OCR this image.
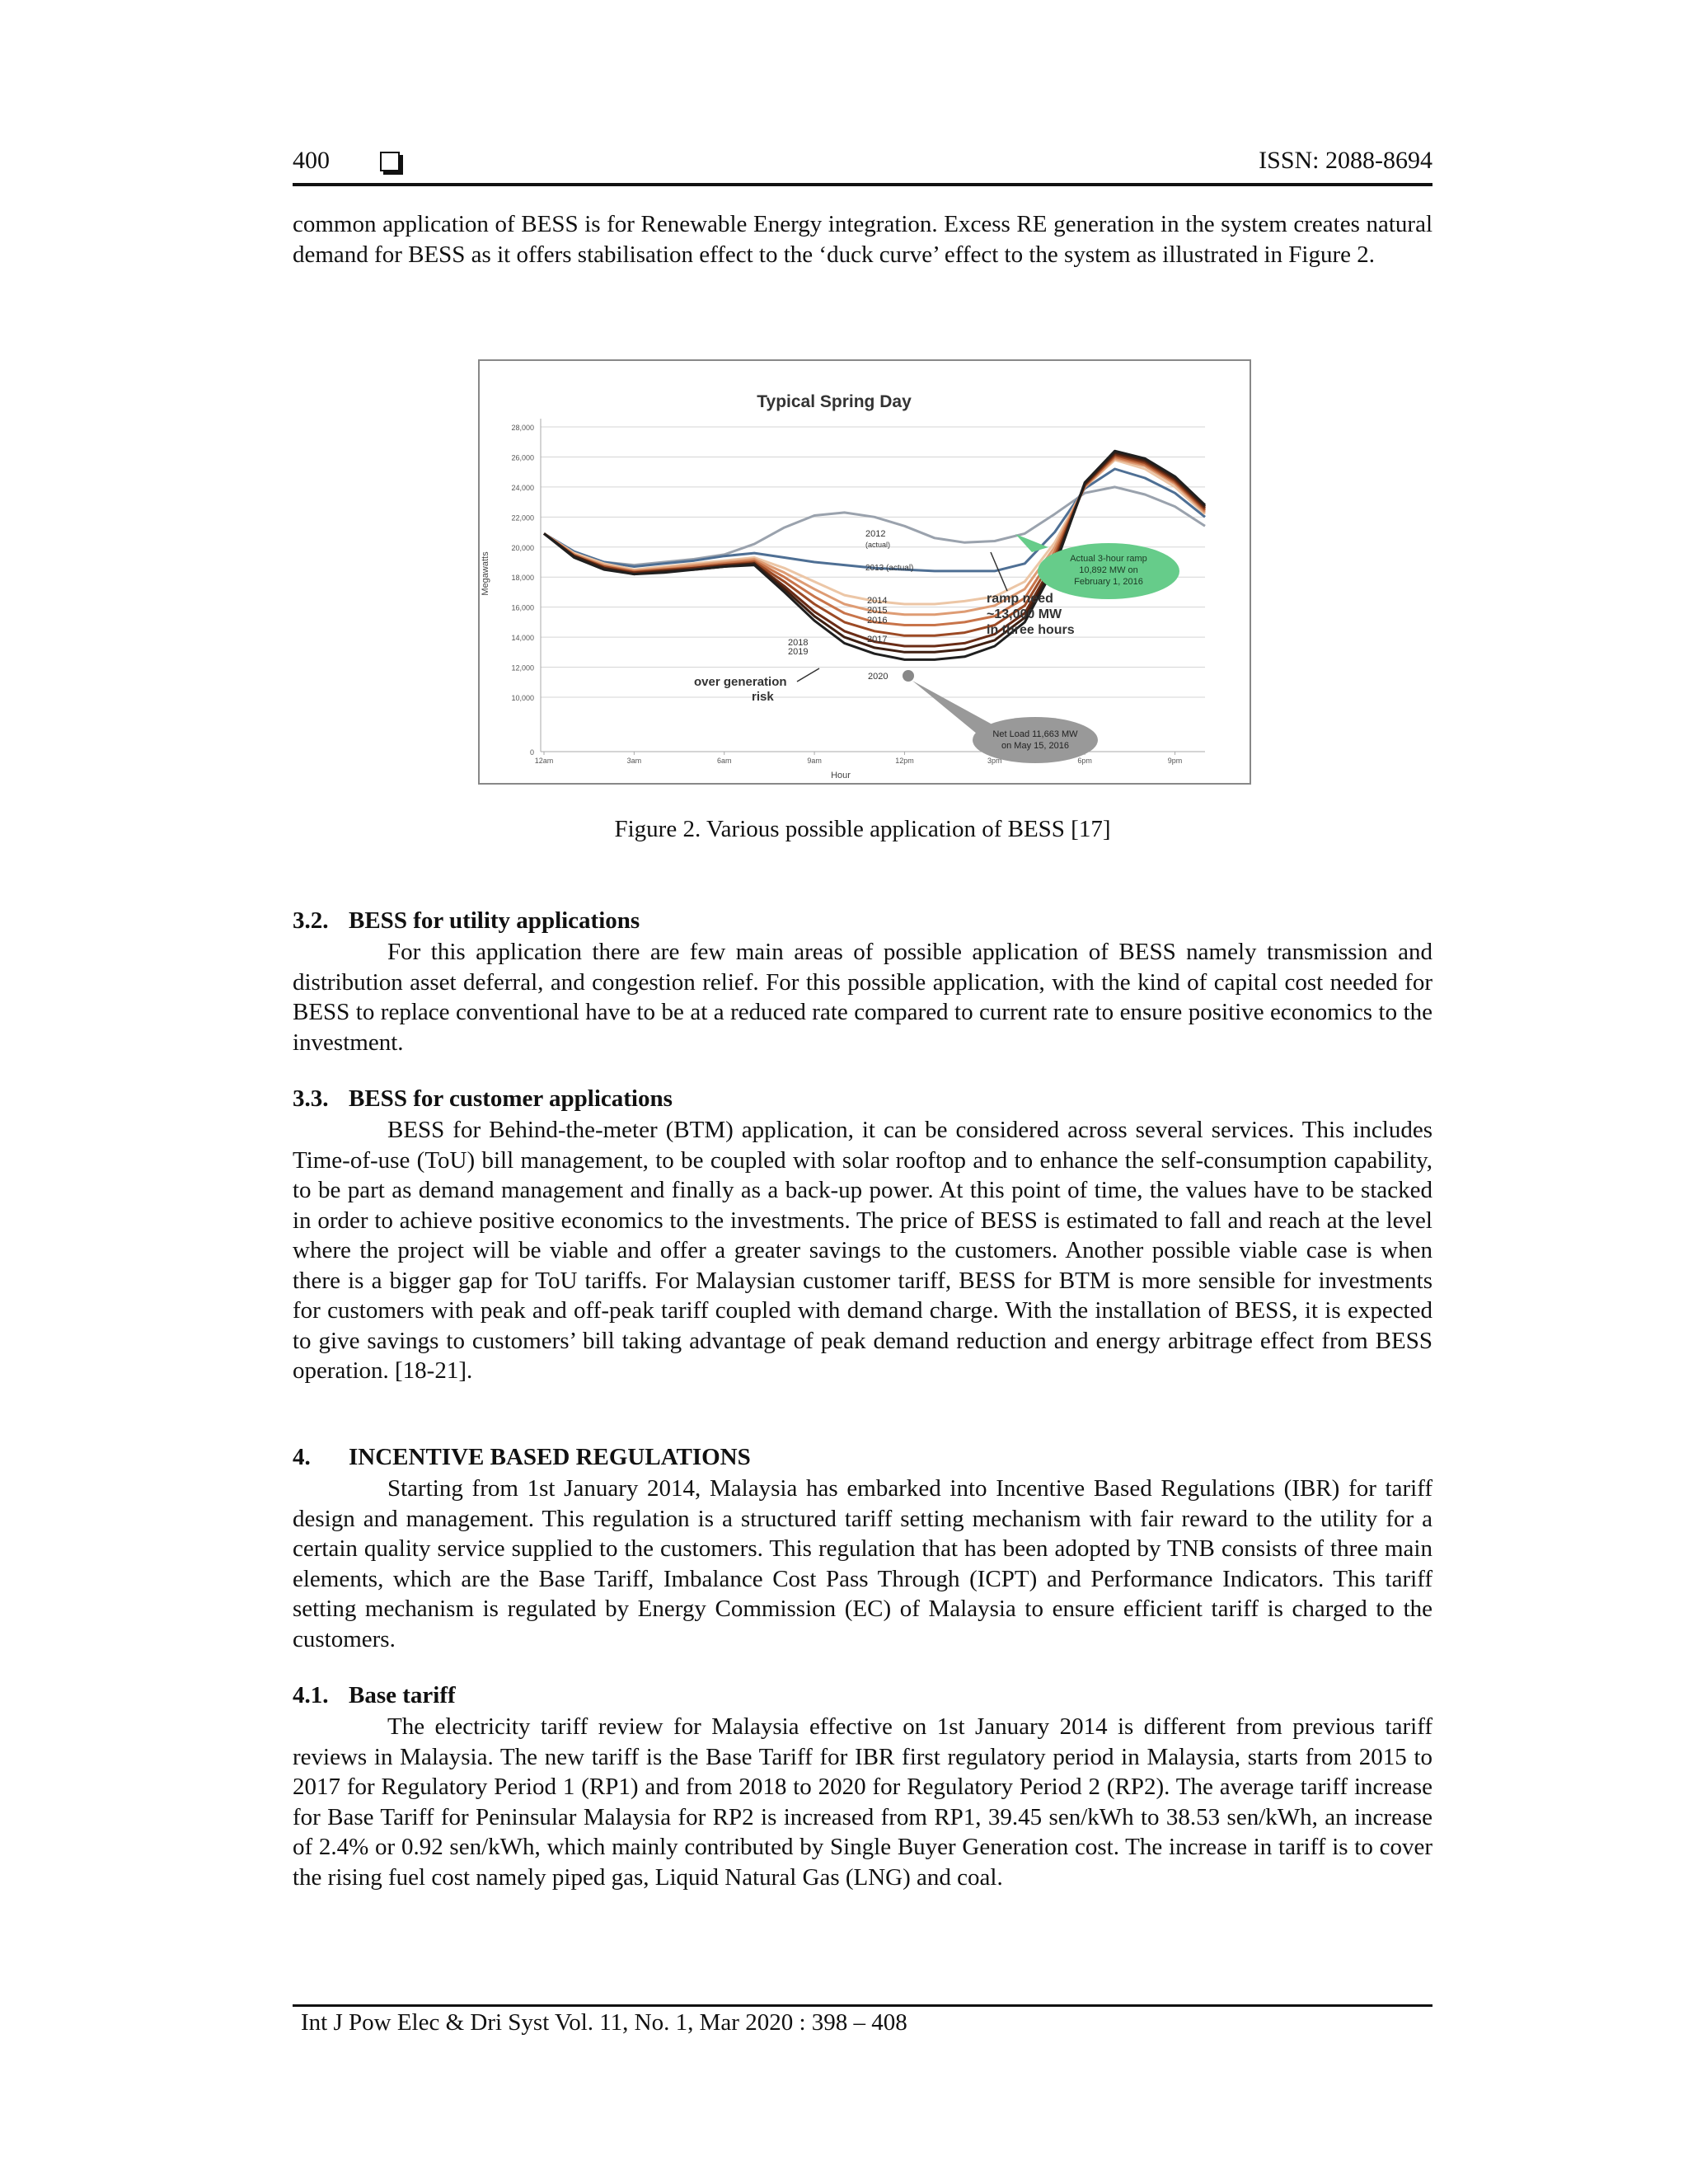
400	ISSN: 2088-8694

common application of BESS is for Renewable Energy integration. Excess RE generation in the system creates natural demand for BESS as it offers stabilisation effect to the ‘duck curve’ effect to the system as illustrated in Figure 2.

Typical Spring Day
Megawatts
Hour
0
10,000
12,000
14,000
16,000
18,000
20,000
22,000
24,000
26,000
28,000
12am	3am	6am	9am	12pm	3pm	6pm	9pm
2012
(actual)
2013 (actual)
2014
2015
2016
2017
2018
2019
2020
over generation
risk
ramp need
~13,000 MW
in three hours
Actual 3-hour ramp
10,892 MW on
February 1, 2016
Net Load 11,663 MW
on May 15, 2016
Figure 2. Various possible application of BESS [17]
3.2. BESS for utility applications

For this application there are few main areas of possible application of BESS namely transmission and distribution asset deferral, and congestion relief. For this possible application, with the kind of capital cost needed for BESS to replace conventional have to be at a reduced rate compared to current rate to ensure positive economics to the investment.

3.3. BESS for customer applications

BESS for Behind-the-meter (BTM) application, it can be considered across several services. This includes Time-of-use (ToU) bill management, to be coupled with solar rooftop and to enhance the self-consumption capability, to be part as demand management and finally as a back-up power. At this point of time, the values have to be stacked in order to achieve positive economics to the investments. The price of BESS is estimated to fall and reach at the level where the project will be viable and offer a greater savings to the customers. Another possible viable case is when there is a bigger gap for ToU tariffs. For Malaysian customer tariff, BESS for BTM is more sensible for investments for customers with peak and off-peak tariff coupled with demand charge. With the installation of BESS, it is expected to give savings to customers’ bill taking advantage of peak demand reduction and energy arbitrage effect from BESS operation. [18-21].

4. INCENTIVE BASED REGULATIONS

Starting from 1st January 2014, Malaysia has embarked into Incentive Based Regulations (IBR) for tariff design and management. This regulation is a structured tariff setting mechanism with fair reward to the utility for a certain quality service supplied to the customers. This regulation that has been adopted by TNB consists of three main elements, which are the Base Tariff, Imbalance Cost Pass Through (ICPT) and Performance Indicators. This tariff setting mechanism is regulated by Energy Commission (EC) of Malaysia to ensure efficient tariff is charged to the customers.

4.1. Base tariff

The electricity tariff review for Malaysia effective on 1st January 2014 is different from previous tariff reviews in Malaysia. The new tariff is the Base Tariff for IBR first regulatory period in Malaysia, starts from 2015 to 2017 for Regulatory Period 1 (RP1) and from 2018 to 2020 for Regulatory Period 2 (RP2). The average tariff increase for Base Tariff for Peninsular Malaysia for RP2 is increased from RP1, 39.45 sen/kWh to 38.53 sen/kWh, an increase of 2.4% or 0.92 sen/kWh, which mainly contributed by Single Buyer Generation cost. The increase in tariff is to cover the rising fuel cost namely piped gas, Liquid Natural Gas (LNG) and coal.

Int J Pow Elec & Dri Syst Vol. 11, No. 1, Mar 2020 : 398 – 408
